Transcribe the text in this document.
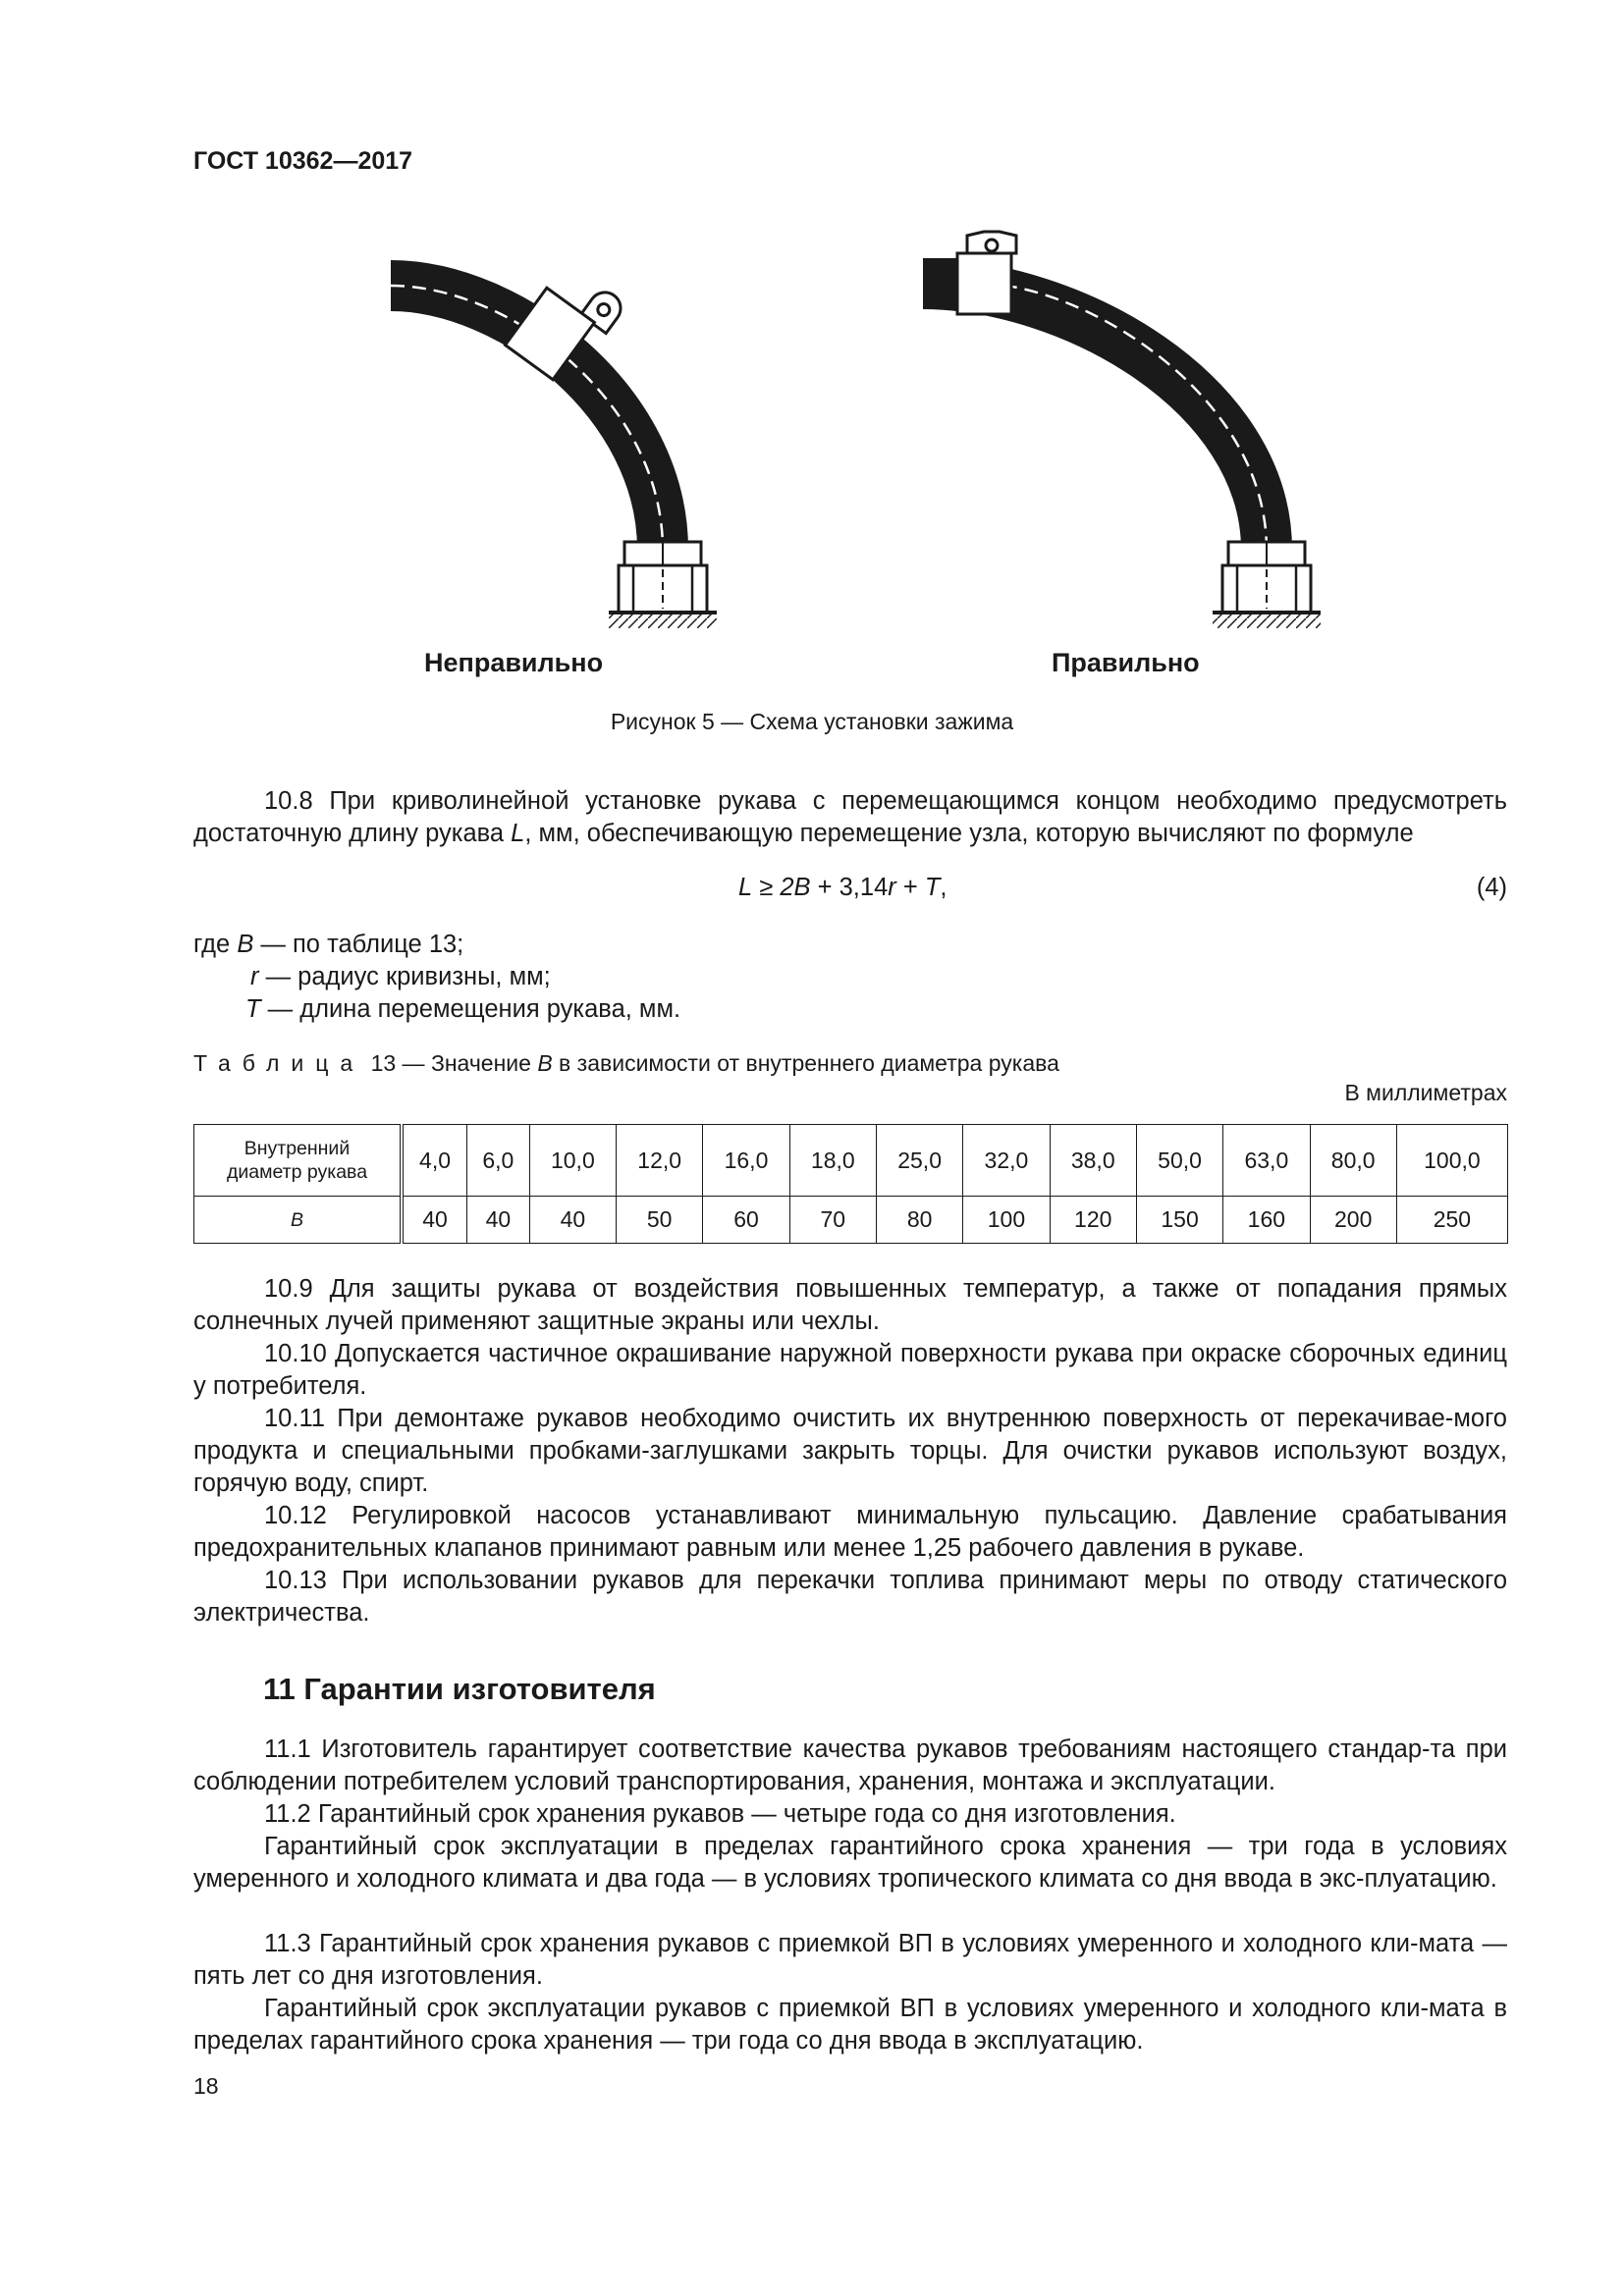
ГОСТ 10362—2017
Неправильно	Правильно
Рисунок 5 — Схема установки зажима
10.8 При криволинейной установке рукава с перемещающимся концом необходимо предусмотреть достаточную длину рукава L, мм, обеспечивающую перемещение узла, которую вычисляют по формуле
L ≥ 2B + 3,14r + T,	(4)
где B — по таблице 13;
r — радиус кривизны, мм;
T — длина перемещения рукава, мм.
Таблица 13 — Значение B в зависимости от внутреннего диаметра рукава
В миллиметрах
Внутренний
диаметр рукава	4,0	6,0	10,0	12,0	16,0	18,0	25,0	32,0	38,0	50,0	63,0	80,0	100,0
B	40	40	40	50	60	70	80	100	120	150	160	200	250
10.9 Для защиты рукава от воздействия повышенных температур, а также от попадания прямых солнечных лучей применяют защитные экраны или чехлы.
10.10 Допускается частичное окрашивание наружной поверхности рукава при окраске сборочных единиц у потребителя.
10.11 При демонтаже рукавов необходимо очистить их внутреннюю поверхность от перекачивае-мого продукта и специальными пробками-заглушками закрыть торцы. Для очистки рукавов используют воздух, горячую воду, спирт.
10.12 Регулировкой насосов устанавливают минимальную пульсацию. Давление срабатывания предохранительных клапанов принимают равным или менее 1,25 рабочего давления в рукаве.
10.13 При использовании рукавов для перекачки топлива принимают меры по отводу статического электричества.
11 Гарантии изготовителя
11.1 Изготовитель гарантирует соответствие качества рукавов требованиям настоящего стандар-та при соблюдении потребителем условий транспортирования, хранения, монтажа и эксплуатации.
11.2 Гарантийный срок хранения рукавов — четыре года со дня изготовления.
Гарантийный срок эксплуатации в пределах гарантийного срока хранения — три года в условиях умеренного и холодного климата и два года — в условиях тропического климата со дня ввода в экс-плуатацию.
11.3 Гарантийный срок хранения рукавов с приемкой ВП в условиях умеренного и холодного кли-мата — пять лет со дня изготовления.
Гарантийный срок эксплуатации рукавов с приемкой ВП в условиях умеренного и холодного кли-мата в пределах гарантийного срока хранения — три года со дня ввода в эксплуатацию.
18
